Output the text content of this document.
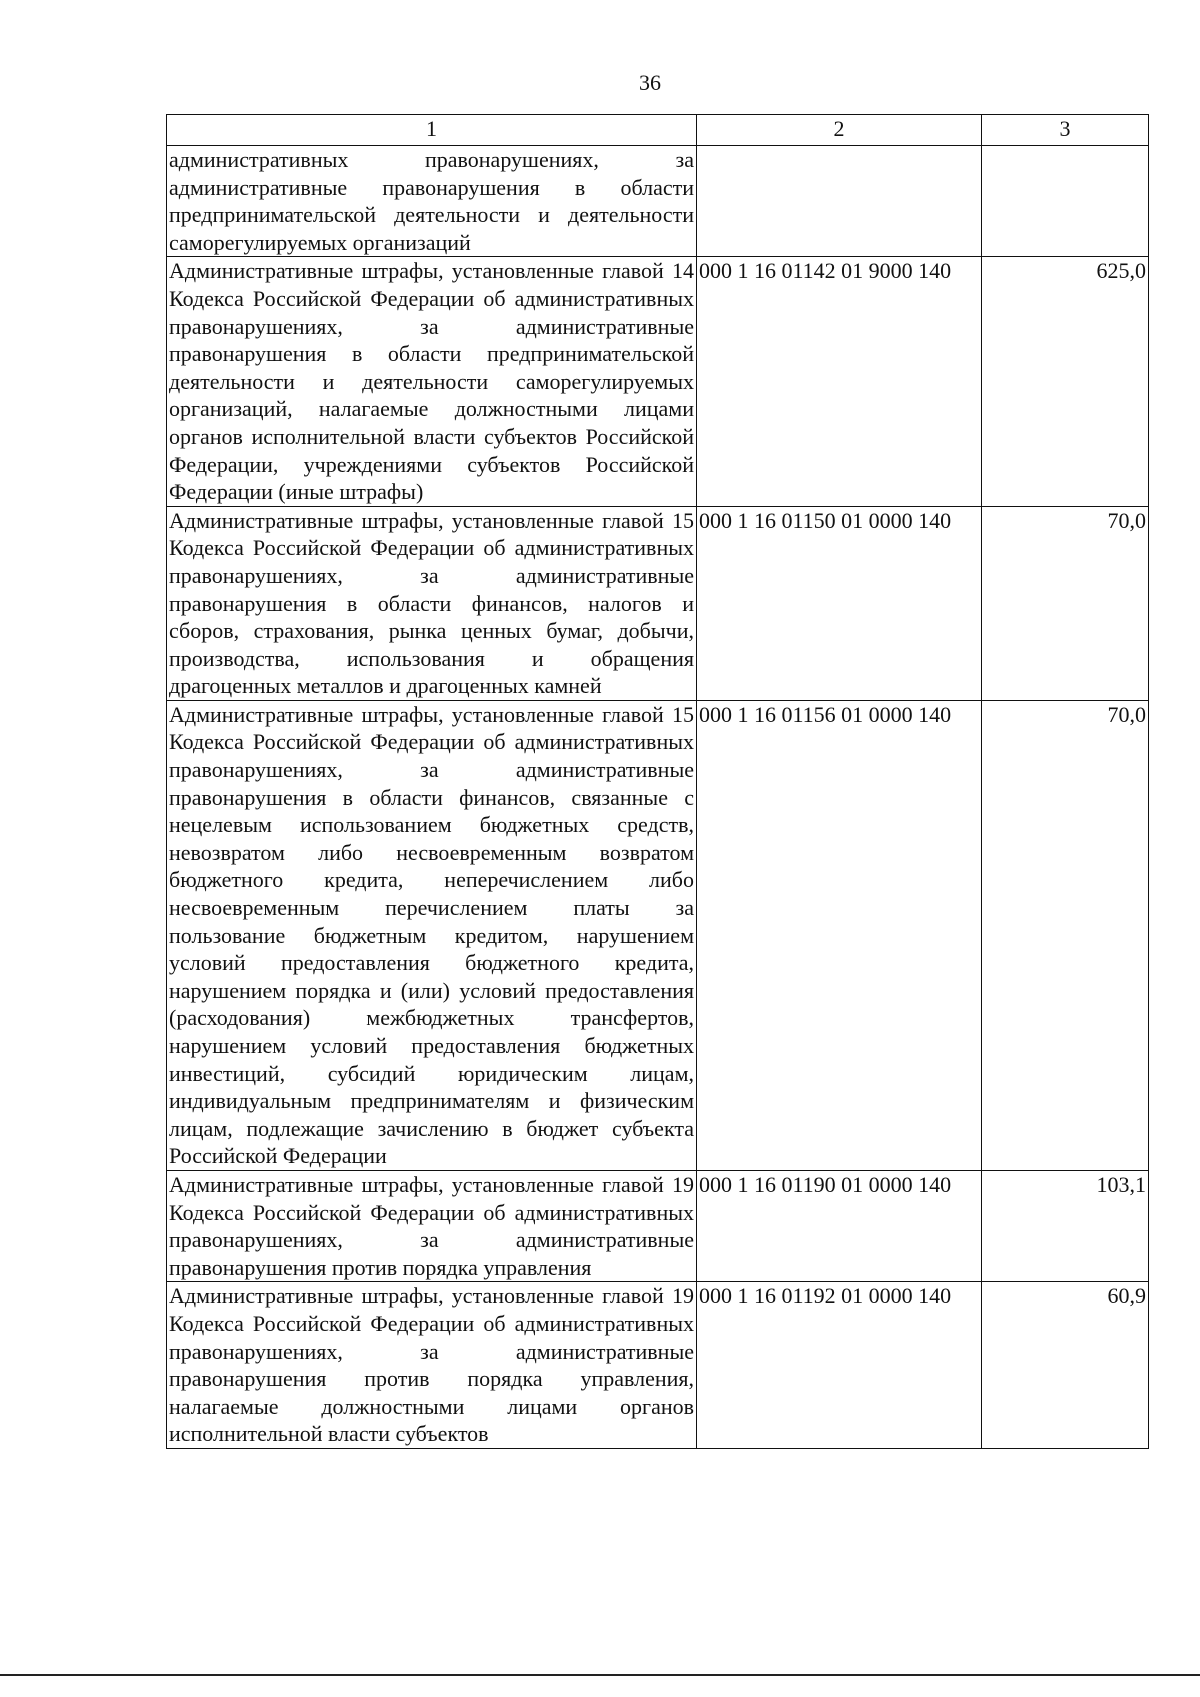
36
1	2	3
административных правонарушениях, за административные правонарушения в области предпринимательской деятельности и деятельности саморегулируемых организаций		
Административные штрафы, установленные главой 14 Кодекса Российской Федерации об административных правонарушениях, за административные правонарушения в области предпринимательской деятельности и деятельности саморегулируемых организаций, налагаемые должностными лицами органов исполнительной власти субъектов Российской Федерации, учреждениями субъектов Российской Федерации (иные штрафы)	000 1 16 01142 01 9000 140	625,0
Административные штрафы, установленные главой 15 Кодекса Российской Федерации об административных правонарушениях, за административные правонарушения в области финансов, налогов и сборов, страхования, рынка ценных бумаг, добычи, производства, использования и обращения драгоценных металлов и драгоценных камней	000 1 16 01150 01 0000 140	70,0
Административные штрафы, установленные главой 15 Кодекса Российской Федерации об административных правонарушениях, за административные правонарушения в области финансов, связанные с нецелевым использованием бюджетных средств, невозвратом либо несвоевременным возвратом бюджетного кредита, неперечислением либо несвоевременным перечислением платы за пользование бюджетным кредитом, нарушением условий предоставления бюджетного кредита, нарушением порядка и (или) условий предоставления (расходования) межбюджетных трансфертов, нарушением условий предоставления бюджетных инвестиций, субсидий юридическим лицам, индивидуальным предпринимателям и физическим лицам, подлежащие зачислению в бюджет субъекта Российской Федерации	000 1 16 01156 01 0000 140	70,0
Административные штрафы, установленные главой 19 Кодекса Российской Федерации об административных правонарушениях, за административные правонарушения против порядка управления	000 1 16 01190 01 0000 140	103,1
Административные штрафы, установленные главой 19 Кодекса Российской Федерации об административных правонарушениях, за административные правонарушения против порядка управления, налагаемые должностными лицами органов исполнительной власти субъектов	000 1 16 01192 01 0000 140	60,9
